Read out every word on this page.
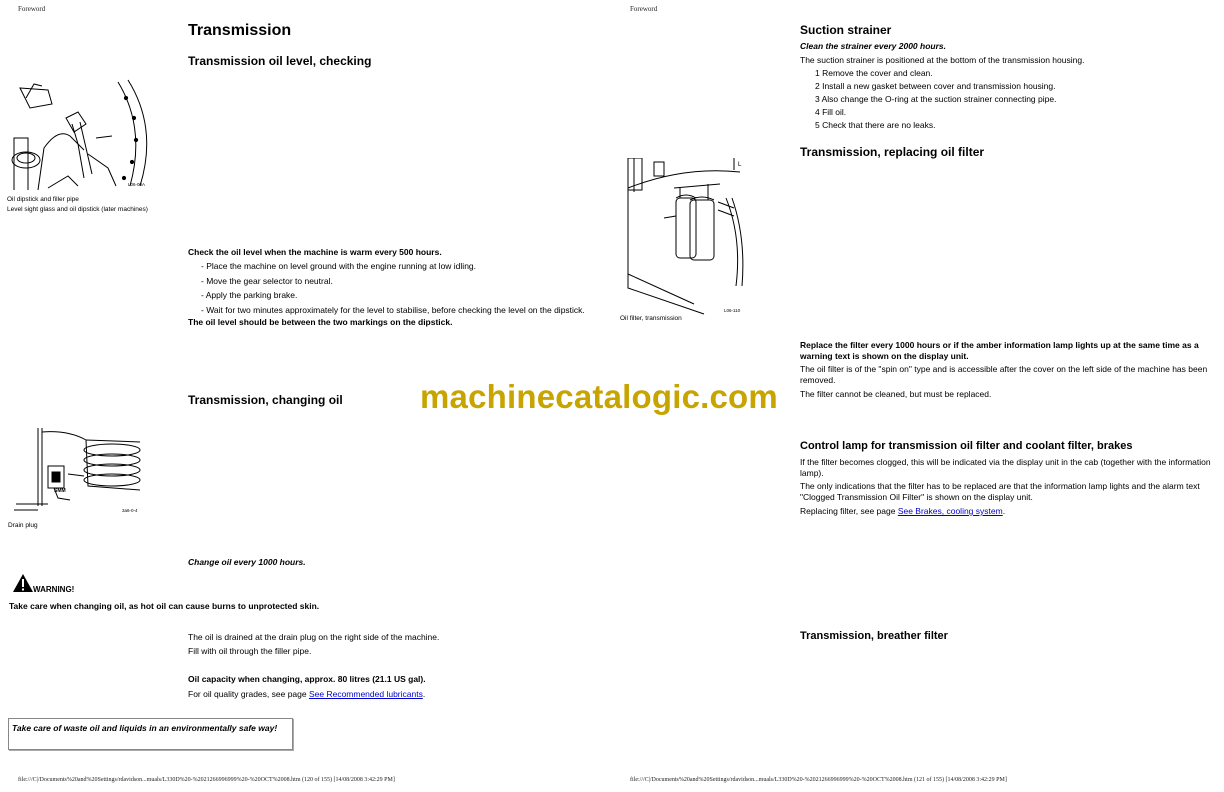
Foreword
Transmission
Transmission oil level, checking
L06-00A
Oil dipstick and filler pipe
Level sight glass and oil dipstick (later machines)
Check the oil level when the machine is warm every 500 hours.
- Place the machine on level ground with the engine running at low idling.
- Move the gear selector to neutral.
- Apply the parking brake.
- Wait for two minutes approximately for the level to stabilise, before checking the level on the dipstick.
The oil level should be between the two markings on the dipstick.
Transmission, changing oil
SMM
3a6-0-4
Drain plug
Change oil every 1000 hours.
WARNING!
Take care when changing oil, as hot oil can cause burns to unprotected skin.
The oil is drained at the drain plug on the right side of the machine.
Fill with oil through the filler pipe.
Oil capacity when changing, approx. 80 litres (21.1 US gal).
For oil quality grades, see page See Recommended lubricants.
Take care of waste oil and liquids in an environmentally safe way!
file:///C|/Documents%20and%20Settings/rdavidson...muals/L330D%20-%2021266996999%20-%20OCT%2008.htm (120 of 155) [14/08/2008 3:42:29 PM]
Foreword
Suction strainer
Clean the strainer every 2000 hours.
The suction strainer is positioned at the bottom of the transmission housing.
1 Remove the cover and clean.
2 Install a new gasket between cover and transmission housing.
3 Also change the O-ring at the suction strainer connecting pipe.
4 Fill oil.
5 Check that there are no leaks.
Transmission, replacing oil filter
L
L06-110
Oil filter, transmission
Replace the filter every 1000 hours or if the amber information lamp lights up at the same time as a warning text is shown on the display unit.
The oil filter is of the "spin on" type and is accessible after the cover on the left side of the machine has been removed.
The filter cannot be cleaned, but must be replaced.
Control lamp for transmission oil filter and coolant filter, brakes
If the filter becomes clogged, this will be indicated via the display unit in the cab (together with the information lamp).
The only indications that the filter has to be replaced are that the information lamp lights and the alarm text "Clogged Transmission Oil Filter" is shown on the display unit.
Replacing filter, see page See Brakes, cooling system.
Transmission, breather filter
file:///C|/Documents%20and%20Settings/rdavidson...muals/L330D%20-%2021266996999%20-%20OCT%2008.htm (121 of 155) [14/08/2008 3:42:29 PM]
machinecatalogic.com
